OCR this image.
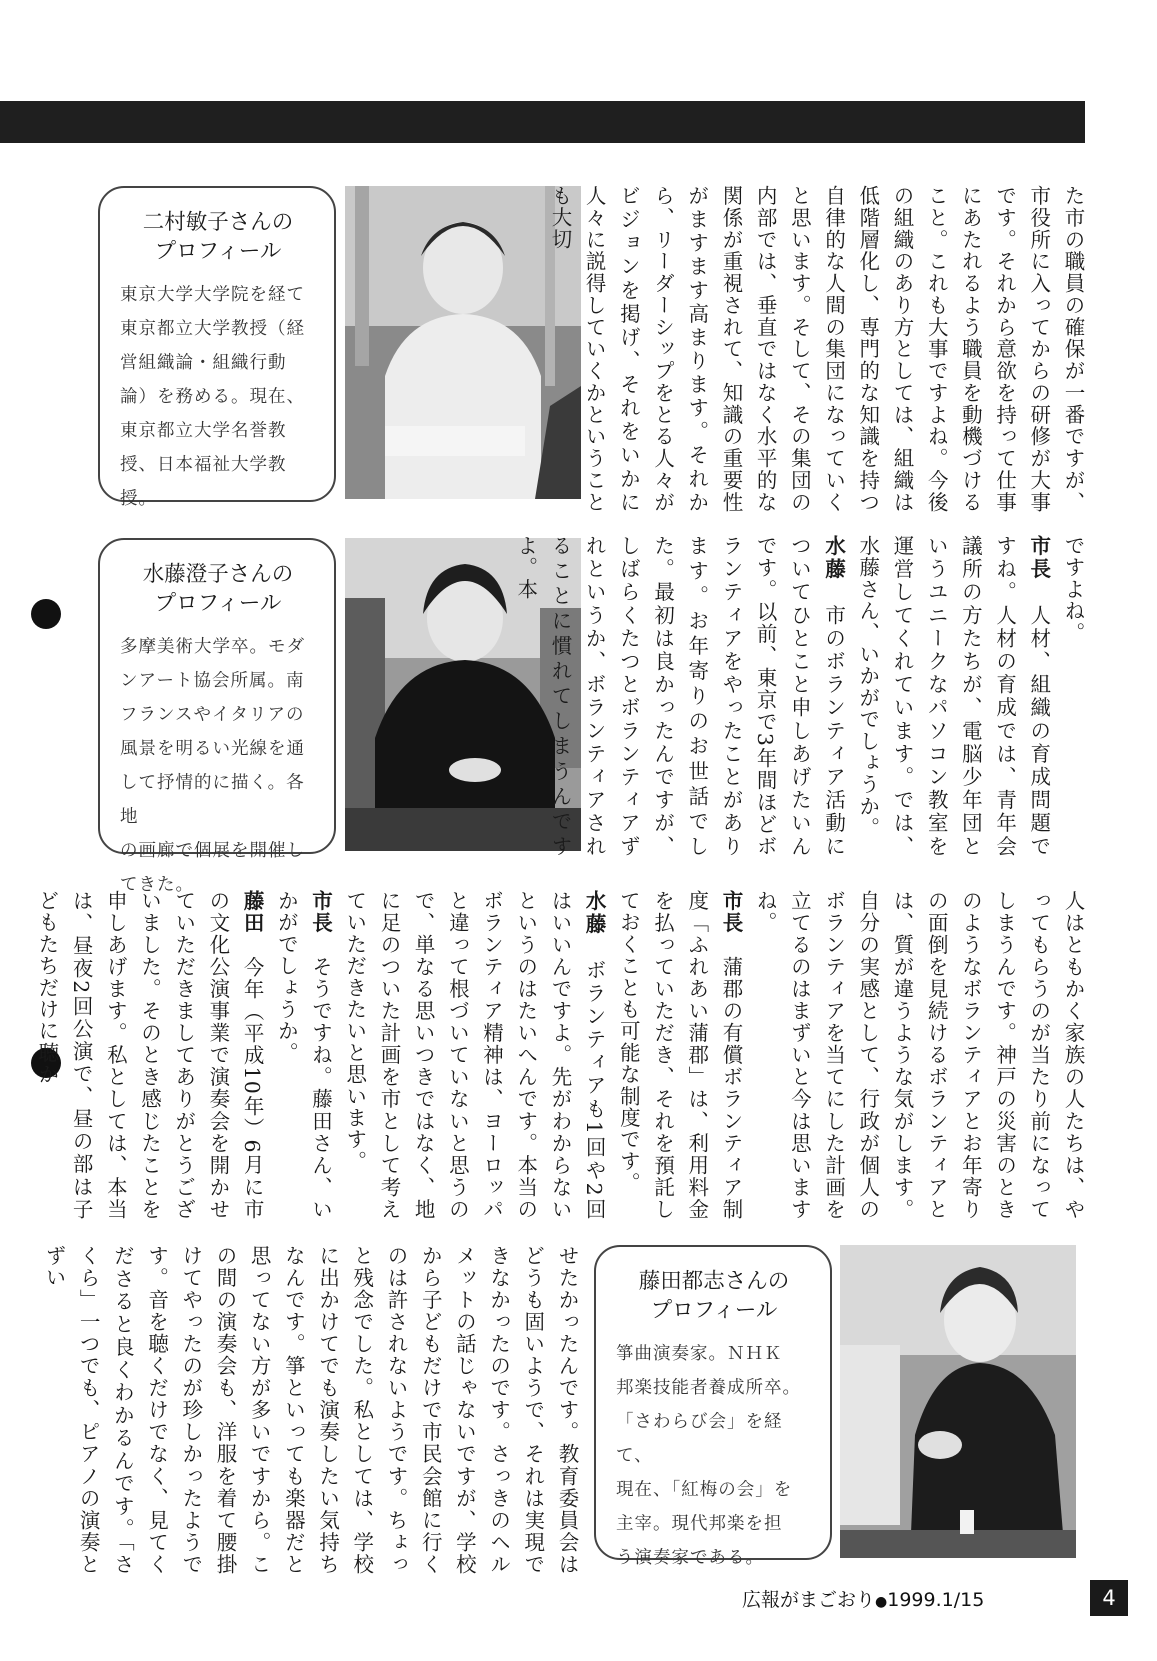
二村敏子さんの
プロフィール
東京大学大学院を経て
東京都立大学教授（経
営組織論・組織行動
論）を務める。現在、
東京都立大学名誉教
授、日本福祉大学教授。
水藤澄子さんの
プロフィール
多摩美術大学卒。モダ
ンアート協会所属。南
フランスやイタリアの
風景を明るい光線を通
して抒情的に描く。各地
の画廊で個展を開催し
てきた。
藤田都志さんの
プロフィール
箏曲演奏家。ＮＨＫ
邦楽技能者養成所卒。
「さわらび会」を経て、
現在、「紅梅の会」を
主宰。現代邦楽を担
う演奏家である。

た市の職員の確保が一番ですが、市役所に入ってからの研修が大事です。それから意欲を持って仕事にあたれるよう職員を動機づけること。これも大事ですよね。今後の組織のあり方としては、組織は低階層化し、専門的な知識を持つ自律的な人間の集団になっていくと思います。そして、その集団の内部では、垂直ではなく水平的な関係が重視されて、知識の重要性がますます高まります。それから、リーダーシップをとる人々がビジョンを掲げ、それをいかに人々に説得していくかということも大切

ですよね。

市長　人材、組織の育成問題ですね。人材の育成では、青年会議所の方たちが、電脳少年団というユニークなパソコン教室を運営してくれています。では、水藤さん、いかがでしょうか。

水藤　市のボランティア活動についてひとこと申しあげたいんです。以前、東京で3年間ほどボランティアをやったことがあります。お年寄りのお世話でした。最初は良かったんですが、しばらくたつとボランティアずれというか、ボランティアされることに慣れてしまうんですよ。本

人はともかく家族の人たちは、やってもらうのが当たり前になってしまうんです。神戸の災害のときのようなボランティアとお年寄りの面倒を見続けるボランティアとは、質が違うような気がします。自分の実感として、行政が個人のボランティアを当てにした計画を立てるのはまずいと今は思いますね。

市長　蒲郡の有償ボランティア制度「ふれあい蒲郡」は、利用料金を払っていただき、それを預託しておくことも可能な制度です。

水藤　ボランティアも1回や2回はいいんですよ。先がわからないというのはたいへんです。本当のボランティア精神は、ヨーロッパと違って根づいていないと思うので、単なる思いつきではなく、地に足のついた計画を市として考えていただきたいと思います。

市長　そうですね。藤田さん、いかがでしょうか。

藤田　今年（平成10年）6月に市の文化公演事業で演奏会を開かせていただきましてありがとうございました。そのとき感じたことを申しあげます。私としては、本当は、昼夜2回公演で、昼の部は子どもたちだけに聴か

せたかったんです。教育委員会はどうも固いようで、それは実現できなかったのです。さっきのヘルメットの話じゃないですが、学校から子どもだけで市民会館に行くのは許されないようです。ちょっと残念でした。私としては、学校に出かけてでも演奏したい気持ちなんです。箏といっても楽器だと思ってない方が多いですから。この間の演奏会も、洋服を着て腰掛けてやったのが珍しかったようです。音を聴くだけでなく、見てくださると良くわかるんです。「さくら」一つでも、ピアノの演奏とずい

広報がまごおり●1999.1/15	4
